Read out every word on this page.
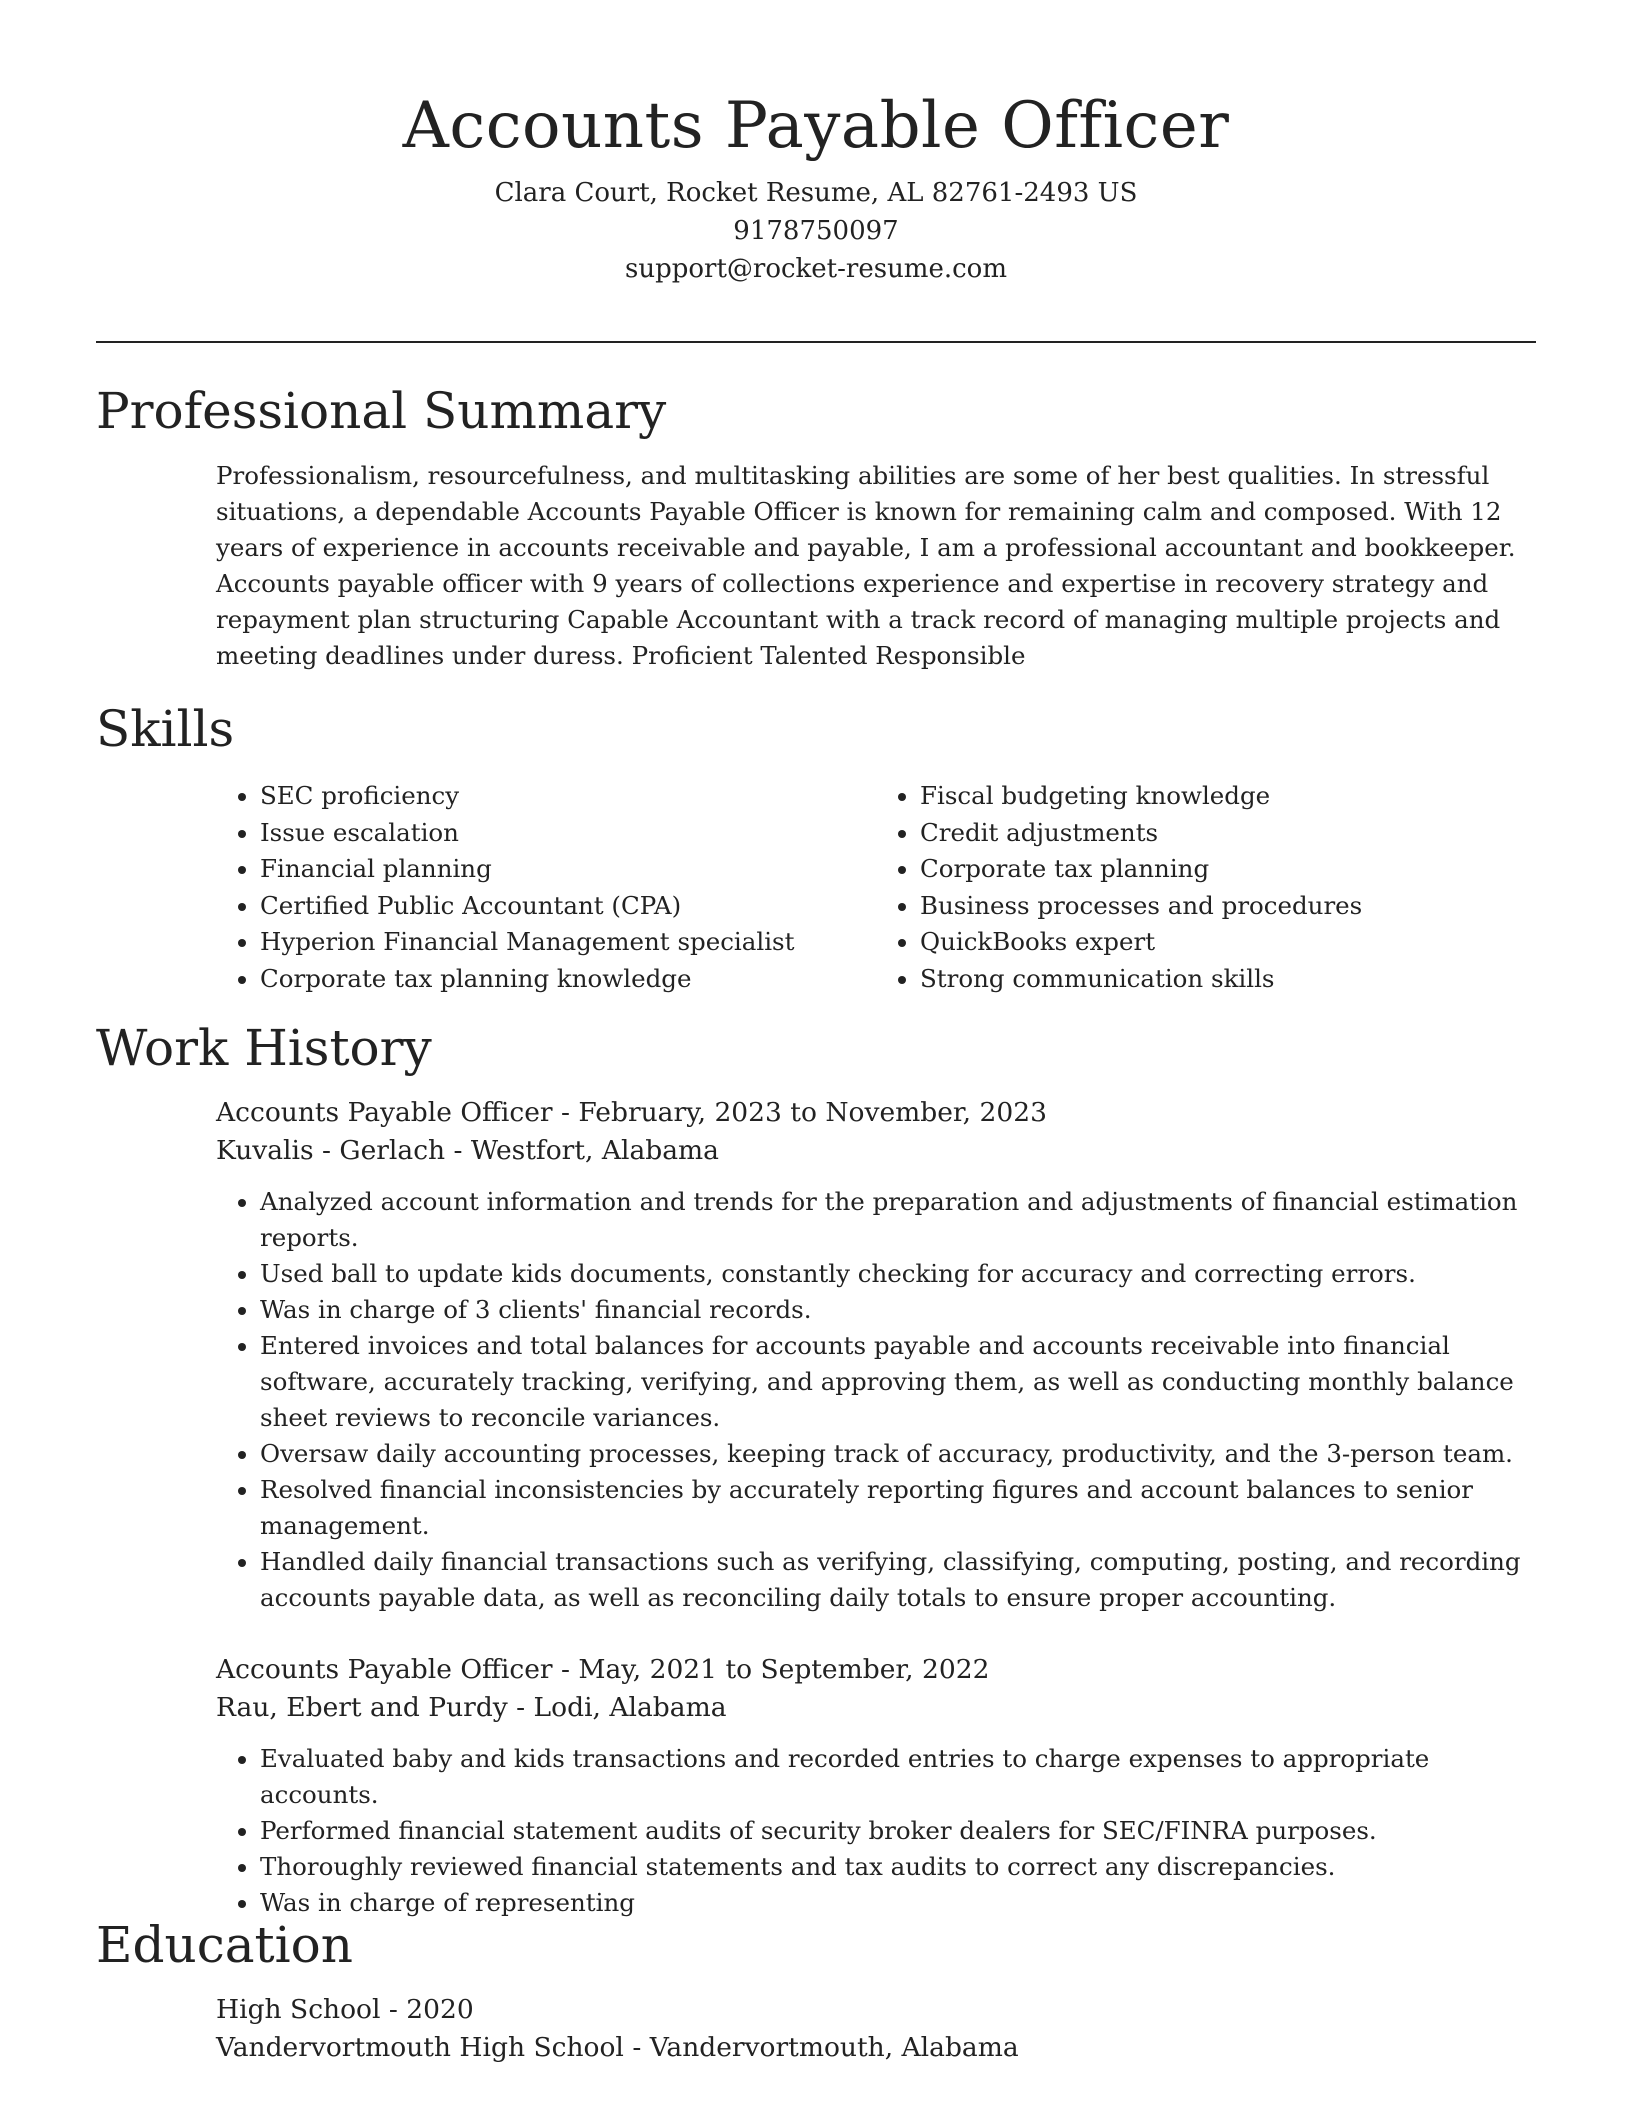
Accounts Payable Officer
Clara Court, Rocket Resume, AL 82761-2493 US
9178750097
support@rocket-resume.com
Professional Summary

Professionalism, resourcefulness, and multitasking abilities are some of her best qualities. In stressful situations, a dependable Accounts Payable Officer is known for remaining calm and composed. With 12 years of experience in accounts receivable and payable, I am a professional accountant and bookkeeper. Accounts payable officer with 9 years of collections experience and expertise in recovery strategy and repayment plan structuring Capable Accountant with a track record of managing multiple projects and meeting deadlines under duress. Proficient Talented Responsible

Skills
• SEC proficiency
• Issue escalation
• Financial planning
• Certified Public Accountant (CPA)
• Hyperion Financial Management specialist
• Corporate tax planning knowledge
• Fiscal budgeting knowledge
• Credit adjustments
• Corporate tax planning
• Business processes and procedures
• QuickBooks expert
• Strong communication skills
Work History

Accounts Payable Officer - February, 2023 to November, 2023

Kuvalis - Gerlach - Westfort, Alabama

• Analyzed account information and trends for the preparation and adjustments of financial estimation reports.
• Used ball to update kids documents, constantly checking for accuracy and correcting errors.
• Was in charge of 3 clients' financial records.
• Entered invoices and total balances for accounts payable and accounts receivable into financial software, accurately tracking, verifying, and approving them, as well as conducting monthly balance sheet reviews to reconcile variances.
• Oversaw daily accounting processes, keeping track of accuracy, productivity, and the 3-person team.
• Resolved financial inconsistencies by accurately reporting figures and account balances to senior management.
• Handled daily financial transactions such as verifying, classifying, computing, posting, and recording accounts payable data, as well as reconciling daily totals to ensure proper accounting.

Accounts Payable Officer - May, 2021 to September, 2022

Rau, Ebert and Purdy - Lodi, Alabama

• Evaluated baby and kids transactions and recorded entries to charge expenses to appropriate accounts.
• Performed financial statement audits of security broker dealers for SEC/FINRA purposes.
• Thoroughly reviewed financial statements and tax audits to correct any discrepancies.
• Was in charge of representing
Education

High School - 2020

Vandervortmouth High School - Vandervortmouth, Alabama
